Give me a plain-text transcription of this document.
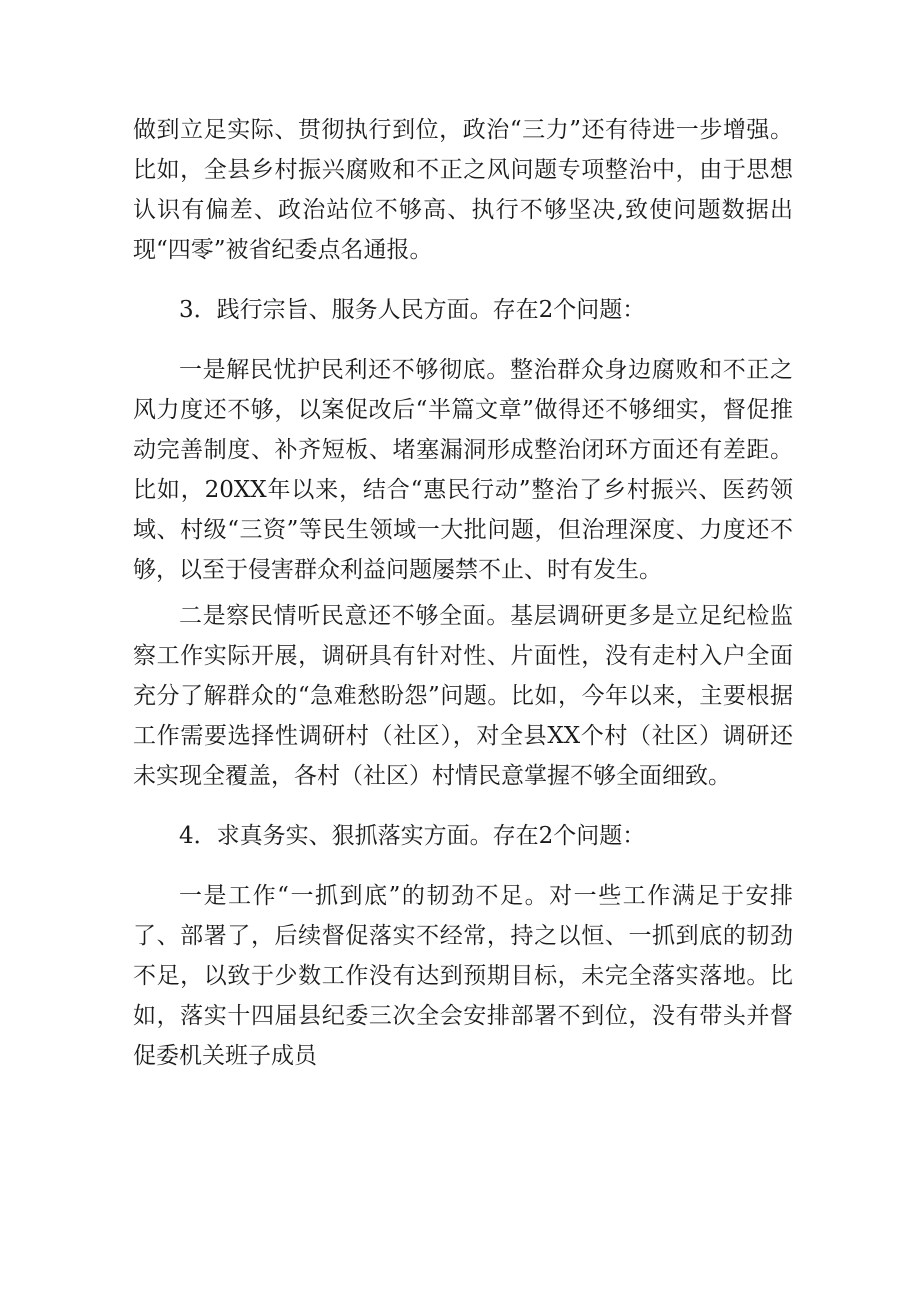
做到立足实际、贯彻执行到位，政治“三力”还有待进一步增强。比如，全县乡村振兴腐败和不正之风问题专项整治中，由于思想认识有偏差、政治站位不够高、执行不够坚决,致使问题数据出现“四零”被省纪委点名通报。

3．践行宗旨、服务人民方面。存在2个问题：

一是解民忧护民利还不够彻底。整治群众身边腐败和不正之风力度还不够，以案促改后“半篇文章”做得还不够细实，督促推动完善制度、补齐短板、堵塞漏洞形成整治闭环方面还有差距。比如，20XX年以来，结合“惠民行动”整治了乡村振兴、医药领域、村级“三资”等民生领域一大批问题，但治理深度、力度还不够，以至于侵害群众利益问题屡禁不止、时有发生。

二是察民情听民意还不够全面。基层调研更多是立足纪检监察工作实际开展，调研具有针对性、片面性，没有走村入户全面充分了解群众的“急难愁盼怨”问题。比如，今年以来，主要根据工作需要选择性调研村（社区），对全县XX个村（社区）调研还未实现全覆盖，各村（社区）村情民意掌握不够全面细致。

4．求真务实、狠抓落实方面。存在2个问题：

一是工作“一抓到底”的韧劲不足。对一些工作满足于安排了、部署了，后续督促落实不经常，持之以恒、一抓到底的韧劲不足，以致于少数工作没有达到预期目标，未完全落实落地。比如，落实十四届县纪委三次全会安排部署不到位，没有带头并督促委机关班子成员
